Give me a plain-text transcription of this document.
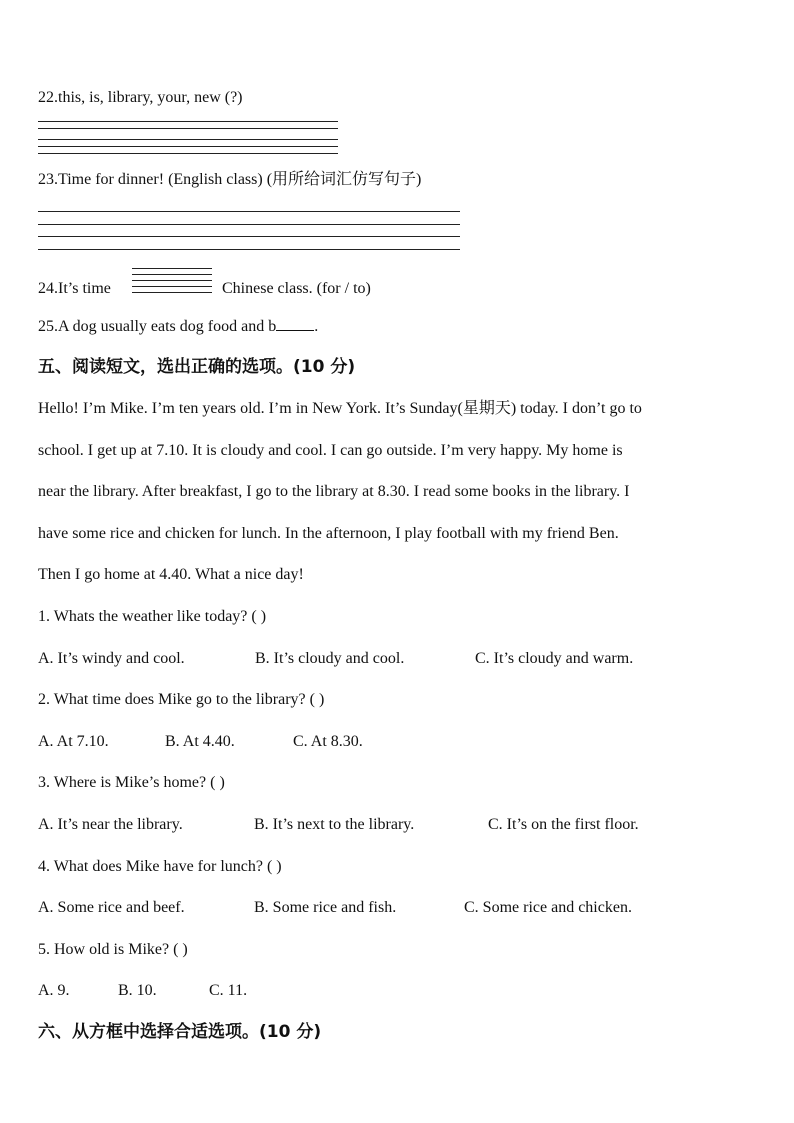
22.this, is, library, your, new (?)
23.Time for dinner! (English class) (用所给词汇仿写句子)
24.It’s time	Chinese class. (for / to)
25.A dog usually eats dog food and b .
五、阅读短文，选出正确的选项。(10 分)
Hello! I’m Mike. I’m ten years old. I’m in New York. It’s Sunday(星期天) today. I don’t go to
school. I get up at 7.10. It is cloudy and cool. I can go outside. I’m very happy. My home is
near the library. After breakfast, I go to the library at 8.30. I read some books in the library. I
have some rice and chicken for lunch. In the afternoon, I play football with my friend Ben.
Then I go home at 4.40. What a nice day!
1. Whats the weather like today? ( )
A. It’s windy and cool.	B. It’s cloudy and cool.	C. It’s cloudy and warm.
2. What time does Mike go to the library? ( )
A. At 7.10.	B. At 4.40.	C. At 8.30.
3. Where is Mike’s home? ( )
A. It’s near the library.	B. It’s next to the library.	C. It’s on the first floor.
4. What does Mike have for lunch? ( )
A. Some rice and beef.	B. Some rice and fish.	C. Some rice and chicken.
5. How old is Mike? ( )
A. 9.	B. 10.	C. 11.
六、从方框中选择合适选项。(10 分)
